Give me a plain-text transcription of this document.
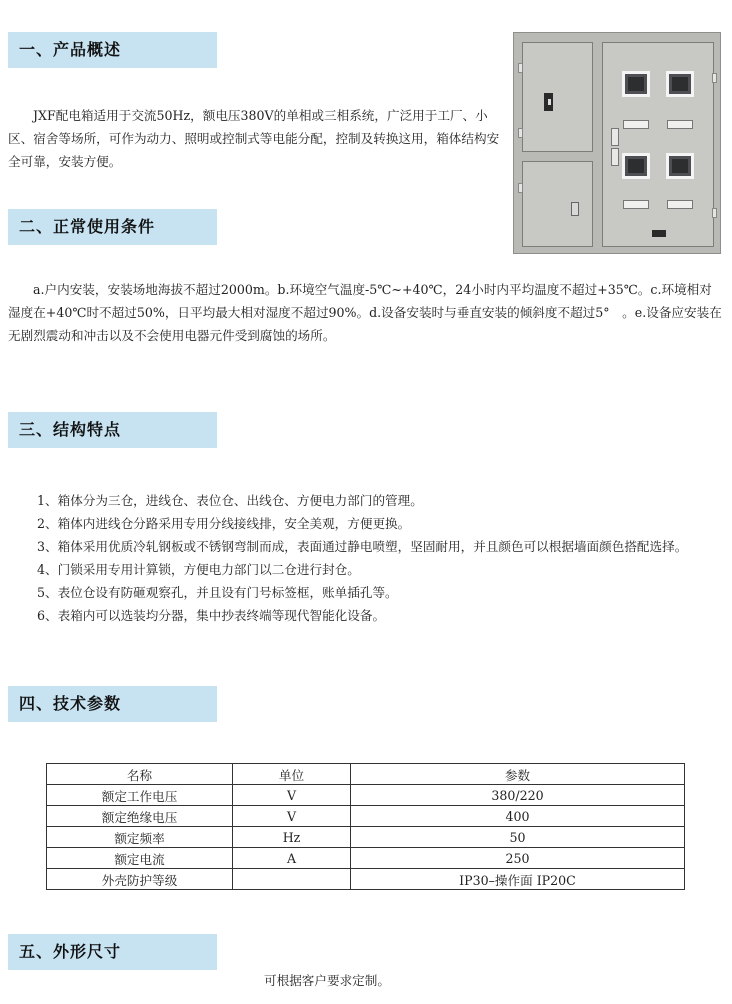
一、产品概述

JXF配电箱适用于交流50Hz，额电压380V的单相或三相系统，广泛用于工厂、小区、宿舍等场所，可作为动力、照明或控制式等电能分配，控制及转换这用，箱体结构安全可靠，安装方便。

二、正常使用条件

a.户内安装，安装场地海拔不超过2000m。b.环境空气温度-5℃~+40℃，24小时内平均温度不超过+35℃。c.环境相对湿度在+40℃时不超过50%，日平均最大相对湿度不超过90%。d.设备安装时与垂直安装的倾斜度不超过5°　。e.设备应安装在无剧烈震动和冲击以及不会使用电器元件受到腐蚀的场所。

三、结构特点

1、箱体分为三仓，进线仓、表位仓、出线仓、方便电力部门的管理。

2、箱体内进线仓分路采用专用分线接线排，安全美观，方便更换。

3、箱体采用优质冷轧钢板或不锈钢弯制而成，表面通过静电喷塑，坚固耐用，并且颜色可以根据墙面颜色搭配选择。

4、门锁采用专用计算锁，方便电力部门以二仓进行封仓。

5、表位仓设有防砸观察孔，并且设有门号标签框，账单插孔等。

6、表箱内可以选装均分器，集中抄表终端等现代智能化设备。

四、技术参数
名称	单位	参数
额定工作电压	V	380/220
额定绝缘电压	V	400
额定频率	Hz	50
额定电流	A	250
外壳防护等级		IP30–操作面 IP20C
五、外形尺寸
可根据客户要求定制。
